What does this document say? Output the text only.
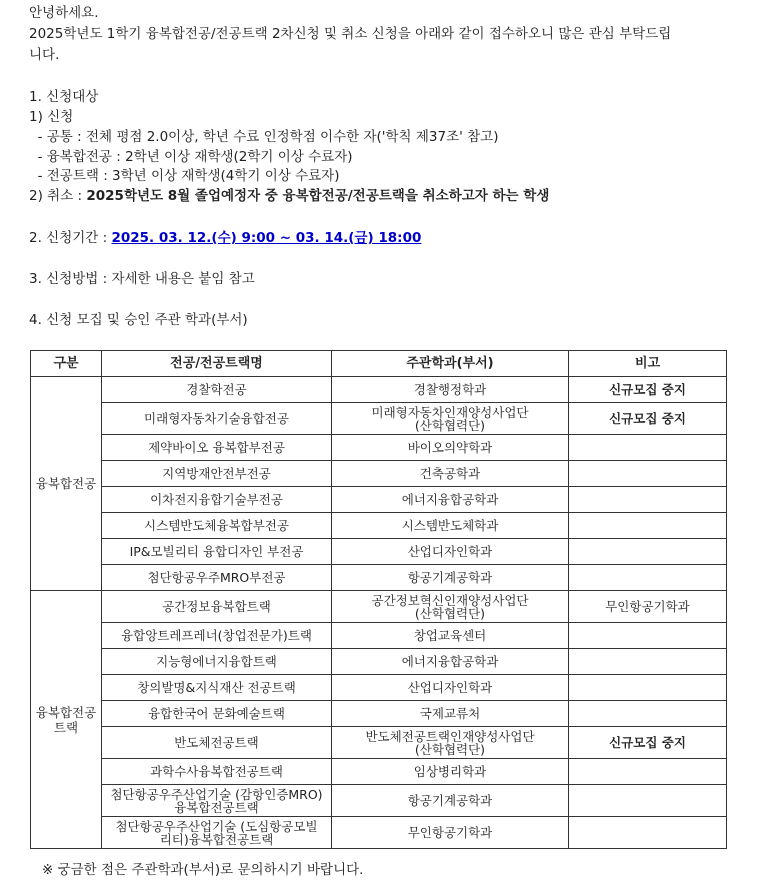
안녕하세요.
2025학년도 1학기 융복합전공/전공트랙 2차신청 및 취소 신청을 아래와 같이 접수하오니 많은 관심 부탁드립
니다.
1. 신청대상
1) 신청
- 공통 : 전체 평점 2.0이상, 학년 수료 인정학점 이수한 자('학칙 제37조' 참고)
- 융복합전공 : 2학년 이상 재학생(2학기 이상 수료자)
- 전공트랙 : 3학년 이상 재학생(4학기 이상 수료자)
2) 취소 : 2025학년도 8월 졸업예정자 중 융복합전공/전공트랙을 취소하고자 하는 학생
2. 신청기간 : 2025. 03. 12.(수) 9:00 ~ 03. 14.(금) 18:00
3. 신청방법 : 자세한 내용은 붙임 참고
4. 신청 모집 및 승인 주관 학과(부서)
구분	전공/전공트랙명	주관학과(부서)	비고
융복합전공	경찰학전공	경찰행정학과	신규모집 중지

	미래형자동차기술융합전공	미래형자동차인재양성사업단
(산학협력단)	신규모집 중지

	제약바이오 융복합부전공	바이오의약학과	

	지역방재안전부전공	건축공학과	

	이차전지융합기술부전공	에너지융합공학과	

	시스템반도체융복합부전공	시스템반도체학과	

	IP&모빌리티 융합디자인 부전공	산업디자인학과	

	첨단항공우주MRO부전공	항공기계공학과	

융복합전공트랙	공간정보융복합트랙	공간정보혁신인재양성사업단
(산학협력단)	무인항공기학과

	융합앙트레프레너(창업전문가)트랙	창업교육센터	

	지능형에너지융합트랙	에너지융합공학과	

	창의발명&지식재산 전공트랙	산업디자인학과	

	융합한국어 문화예술트랙	국제교류처	

	반도체전공트랙	반도체전공트랙인재양성사업단
(산학협력단)	신규모집 중지

	과학수사융복합전공트랙	임상병리학과	

	첨단항공우주산업기술 (감항인증MRO)
융복합전공트랙	항공기계공학과	

	첨단항공우주산업기술 (도심항공모빌
리티)융복합전공트랙	무인항공기학과	

※ 궁금한 점은 주관학과(부서)로 문의하시기 바랍니다.
